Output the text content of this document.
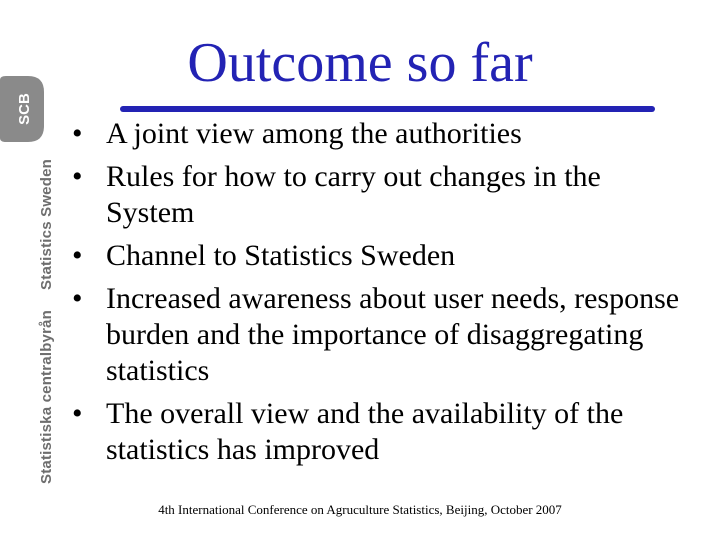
SCB
Statistiska centralbyrånStatistics Sweden
Outcome so far
• A joint view among the authorities
• Rules for how to carry out changes in the System
• Channel to Statistics Sweden
• Increased awareness about user needs, response burden and the importance of disaggregating statistics
• The overall view and the availability of the statistics has improved
4th International Conference on Agruculture Statistics, Beijing, October 2007
